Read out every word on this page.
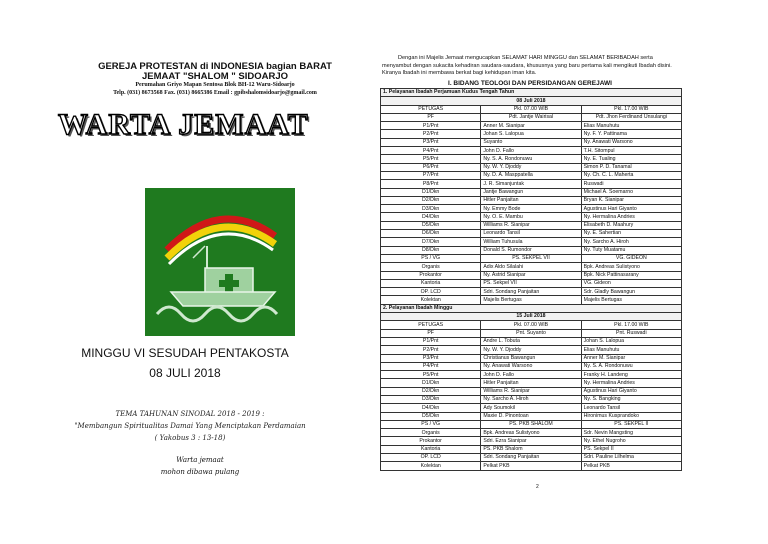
GEREJA PROTESTAN di INDONESIA bagian BARAT
JEMAAT "SHALOM " SIDOARJO
Perumahan Griyo Mapan Sentosa Blok BH-12 Waru-Sidoarjo
Telp. (031) 8673568 Fax. (031) 8665386 Email : gpibshalomsidoarjo@gmail.com
WARTA JEMAAT
MINGGU VI SESUDAH PENTAKOSTA
08 JULI 2018
TEMA TAHUNAN SINODAL 2018 - 2019 :
"Membangun Spiritualitas Damai Yang Menciptakan Perdamaian
( Yakobus 3 : 13-18)
Warta jemaat
mohon dibawa pulang
Dengan ini Majelis Jemaat mengucapkan SELAMAT HARI MINGGU dan SELAMAT BERIBADAH serta menyambut dengan sukacita kehadiran saudara-saudara, khususnya yang baru pertama kali mengikuti Ibadah disini. Kiranya Ibadah ini membawa berkat bagi kehidupan iman kita.
I. BIDANG TEOLOGI DAN PERSIDANGAN GEREJAWI
1. Pelayanan Ibadah Perjamuan Kudus Tengah Tahun		
08 Juli 2018		
PETUGAS	Pkl. 07.00 WIB	Pkl. 17.00 WIB
PF	Pdt. Jantje Wairisal	Pdt. Jhon Ferdinand Unsulangi
P1/Pnt	Anner M. Sianipar	Elias Manuhutu
P2/Pnt	Johan S. Lalopua	Ny. F. Y. Pattinama
P3/Pnt	Suyanto	Ny. Anawati Warsono
P4/Pnt	John D. Fallo	T.H. Sitompul
P5/Pnt	Ny. S. A. Rondonuwu	Ny. E. Tualing
P6/Pnt	Ny. W. Y. Djoddy	Simon P. D. Tanamal
P7/Pnt	Ny. D. A. Masppatella	Ny. Ch. C. L. Maherta
P8/Pnt	J. R. Simanjuntak	Ruswadi
D1/Dkn	Jantje Bawangun	Michael A. Soemarno
D2/Dkn	Hitler Panjaitan	Bryan K. Sianipar
D3/Dkn	Ny. Emmy Bode	Agustinus Hari Giyanto
D4/Dkn	Ny. O. E. Mambu	Ny. Hermalina Andries
D5/Dkn	Williams R. Sianipar	Elisabeth D. Maahury
D6/Dkn	Leonardo Tansil	Ny. E. Sahertian
D7/Dkn	William Tuhusula	Ny. Sarcho A. Hiroh
D8/Dkn	Donald S. Rumondor	Ny. Tuty Muatamu
PS / VG	PS. SEKPEL VII	VG. GIDEON
Organis	Adix Aldo Silalahi	Bpk. Andreas Sulistyono
Prokantor	Ny. Astrid Sianipar	Bpk. Nick Pattinasarany
Kantoria	PS. Sekpel VII	VG. Gideon
OP. LCD	Sdri. Sondang Panjaitan	Sdr. Gladly Bawangun
Kolektan	Majelis Bertugas	Majelis Bertugas
2. Pelayanan Ibadah Minggu		
15 Juli 2018		
PETUGAS	Pkl. 07.00 WIB	Pkl. 17.00 WIB
PF	Pnt. Suyanto	Pnt. Ruswadi
P1/Pnt	Andre L. Tobuta	Johan S. Lalopua
P2/Pnt	Ny. W. Y. Djoddy	Elias Manuhutu
P3/Pnt	Christianus Bawangun	Anner M. Sianipar
P4/Pnt	Ny. Anawati Warsono	Ny. S. A. Rondonuwu
P5/Pnt	John D. Fallo	Franky H. Landeng
D1/Dkn	Hitler Panjaitan	Ny. Hermalina Andries
D2/Dkn	Williams R. Sianipar	Agustinus Hari Giyanto
D3/Dkn	Ny. Sarcho A. Hiroh	Ny. S. Bangking
D4/Dkn	Ady Soumokil	Leonardo Tansil
D5/Dkn	Maxie D. Pinontoan	Hironimus Kusprandoko
PS / VG	PS. PKB SHALOM	PS. SEKPEL II
Organis	Bpk. Andreas Sulistyono	Sdr. Nevin Mangsting
Prokantor	Sdri. Ezra Sianipar	Ny. Ethel Nugroho
Kantoria	PS. PKB Shalom	PS. Sekpel II
OP. LCD	Sdri. Sondang Panjaitan	Sdri. Pauline Lilhelma
Kolektan	Pelkat PKB	Pelkat PKB
2
